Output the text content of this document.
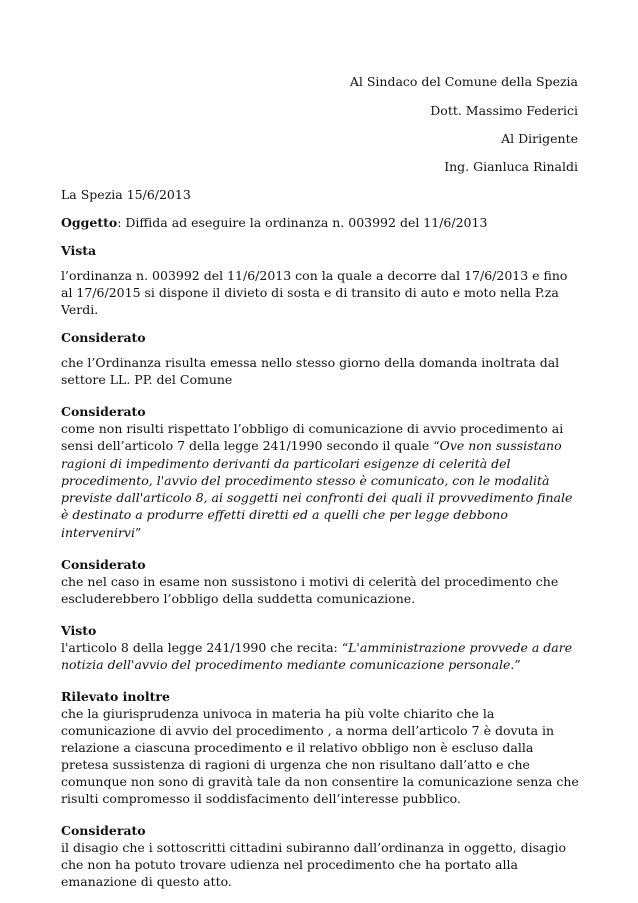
Al Sindaco del Comune della Spezia
Dott. Massimo Federici
Al Dirigente
Ing. Gianluca Rinaldi

La Spezia 15/6/2013

Oggetto: Diffida ad eseguire la ordinanza n. 003992 del 11/6/2013

Vista

l’ordinanza n. 003992 del 11/6/2013 con la quale a decorre dal 17/6/2013 e fino al 17/6/2015 si dispone il divieto di sosta e di transito di auto e moto nella P.za Verdi.

Considerato

che l’Ordinanza risulta emessa nello stesso giorno della domanda inoltrata dal settore LL. PP. del Comune

Considerato

come non risulti rispettato l’obbligo di comunicazione di avvio procedimento ai sensi dell’articolo 7 della legge 241/1990 secondo il quale “Ove non sussistano ragioni di impedimento derivanti da particolari esigenze di celerità del procedimento, l'avvio del procedimento stesso è comunicato, con le modalità previste dall'articolo 8, ai soggetti nei confronti dei quali il provvedimento finale è destinato a produrre effetti diretti ed a quelli che per legge debbono intervenirvi”

Considerato

che nel caso in esame non sussistono i motivi di celerità del procedimento che escluderebbero l’obbligo della suddetta comunicazione.

Visto

l'articolo 8 della legge 241/1990 che recita: “L'amministrazione provvede a dare notizia dell'avvio del procedimento mediante comunicazione personale.”

Rilevato inoltre

che la giurisprudenza univoca in materia ha più volte chiarito che la comunicazione di avvio del procedimento , a norma dell’articolo 7 è dovuta in relazione a ciascuna procedimento e il relativo obbligo non è escluso dalla pretesa sussistenza di ragioni di urgenza che non risultano dall’atto e che comunque non sono di gravità tale da non consentire la comunicazione senza che risulti compromesso il soddisfacimento dell’interesse pubblico.

Considerato

il disagio che i sottoscritti cittadini subiranno dall’ordinanza in oggetto, disagio che non ha potuto trovare udienza nel procedimento che ha portato alla emanazione di questo atto.
